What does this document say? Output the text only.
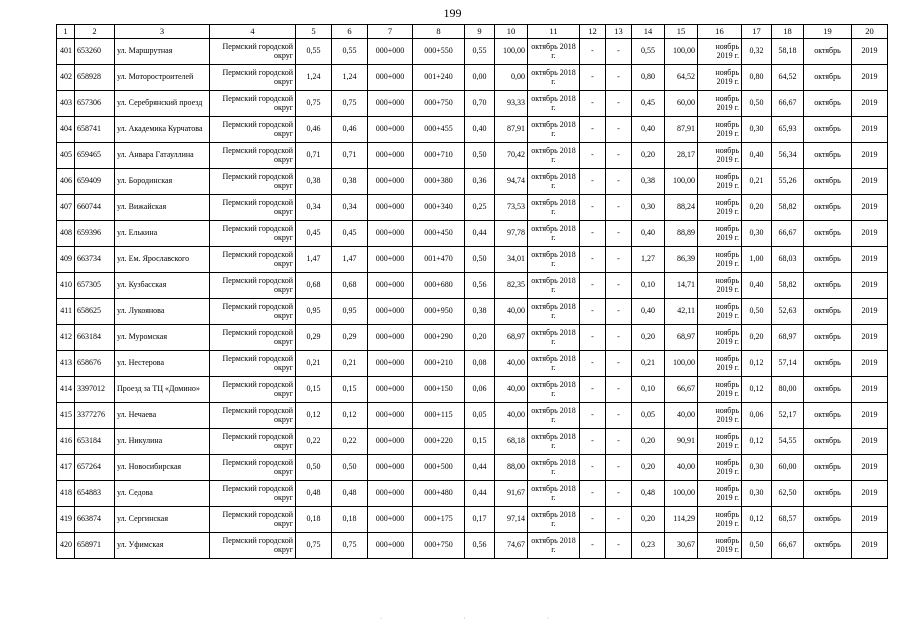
199
1	2	3	4	5	6	7	8	9	10	11	12	13	14	15	16	17	18	19	20
401	653260	ул. Маршрутная	Пермский городской округ	0,55	0,55	000+000	000+550	0,55	100,00	октябрь 2018 г.	-	-	0,55	100,00	ноябрь 2019 г.	0,32	58,18	октябрь	2019
402	658928	ул. Моторостроителей	Пермский городской округ	1,24	1,24	000+000	001+240	0,00	0,00	октябрь 2018 г.	-	-	0,80	64,52	ноябрь 2019 г.	0,80	64,52	октябрь	2019
403	657306	ул. Серебрянский проезд	Пермский городской округ	0,75	0,75	000+000	000+750	0,70	93,33	октябрь 2018 г.	-	-	0,45	60,00	ноябрь 2019 г.	0,50	66,67	октябрь	2019
404	658741	ул. Академика Курчатова	Пермский городской округ	0,46	0,46	000+000	000+455	0,40	87,91	октябрь 2018 г.	-	-	0,40	87,91	ноябрь 2019 г.	0,30	65,93	октябрь	2019
405	659465	ул. Анвара Гатауллина	Пермский городской округ	0,71	0,71	000+000	000+710	0,50	70,42	октябрь 2018 г.	-	-	0,20	28,17	ноябрь 2019 г.	0,40	56,34	октябрь	2019
406	659409	ул. Бородинская	Пермский городской округ	0,38	0,38	000+000	000+380	0,36	94,74	октябрь 2018 г.	-	-	0,38	100,00	ноябрь 2019 г.	0,21	55,26	октябрь	2019
407	660744	ул. Вижайская	Пермский городской округ	0,34	0,34	000+000	000+340	0,25	73,53	октябрь 2018 г.	-	-	0,30	88,24	ноябрь 2019 г.	0,20	58,82	октябрь	2019
408	659396	ул. Елькина	Пермский городской округ	0,45	0,45	000+000	000+450	0,44	97,78	октябрь 2018 г.	-	-	0,40	88,89	ноябрь 2019 г.	0,30	66,67	октябрь	2019
409	663734	ул. Ем. Ярославского	Пермский городской округ	1,47	1,47	000+000	001+470	0,50	34,01	октябрь 2018 г.	-	-	1,27	86,39	ноябрь 2019 г.	1,00	68,03	октябрь	2019
410	657305	ул. Кузбасская	Пермский городской округ	0,68	0,68	000+000	000+680	0,56	82,35	октябрь 2018 г.	-	-	0,10	14,71	ноябрь 2019 г.	0,40	58,82	октябрь	2019
411	658625	ул. Лукоянова	Пермский городской округ	0,95	0,95	000+000	000+950	0,38	40,00	октябрь 2018 г.	-	-	0,40	42,11	ноябрь 2019 г.	0,50	52,63	октябрь	2019
412	663184	ул. Муромская	Пермский городской округ	0,29	0,29	000+000	000+290	0,20	68,97	октябрь 2018 г.	-	-	0,20	68,97	ноябрь 2019 г.	0,20	68,97	октябрь	2019
413	658676	ул. Нестерова	Пермский городской округ	0,21	0,21	000+000	000+210	0,08	40,00	октябрь 2018 г.	-	-	0,21	100,00	ноябрь 2019 г.	0,12	57,14	октябрь	2019
414	3397012	Проезд за ТЦ «Домино»	Пермский городской округ	0,15	0,15	000+000	000+150	0,06	40,00	октябрь 2018 г.	-	-	0,10	66,67	ноябрь 2019 г.	0,12	80,00	октябрь	2019
415	3377276	ул. Нечаева	Пермский городской округ	0,12	0,12	000+000	000+115	0,05	40,00	октябрь 2018 г.	-	-	0,05	40,00	ноябрь 2019 г.	0,06	52,17	октябрь	2019
416	653184	ул. Никулина	Пермский городской округ	0,22	0,22	000+000	000+220	0,15	68,18	октябрь 2018 г.	-	-	0,20	90,91	ноябрь 2019 г.	0,12	54,55	октябрь	2019
417	657264	ул. Новосибирская	Пермский городской округ	0,50	0,50	000+000	000+500	0,44	88,00	октябрь 2018 г.	-	-	0,20	40,00	ноябрь 2019 г.	0,30	60,00	октябрь	2019
418	654883	ул. Седова	Пермский городской округ	0,48	0,48	000+000	000+480	0,44	91,67	октябрь 2018 г.	-	-	0,48	100,00	ноябрь 2019 г.	0,30	62,50	октябрь	2019
419	663874	ул. Сергинская	Пермский городской округ	0,18	0,18	000+000	000+175	0,17	97,14	октябрь 2018 г.	-	-	0,20	114,29	ноябрь 2019 г.	0,12	68,57	октябрь	2019
420	658971	ул. Уфимская	Пермский городской округ	0,75	0,75	000+000	000+750	0,56	74,67	октябрь 2018 г.	-	-	0,23	30,67	ноябрь 2019 г.	0,50	66,67	октябрь	2019
· · ·
